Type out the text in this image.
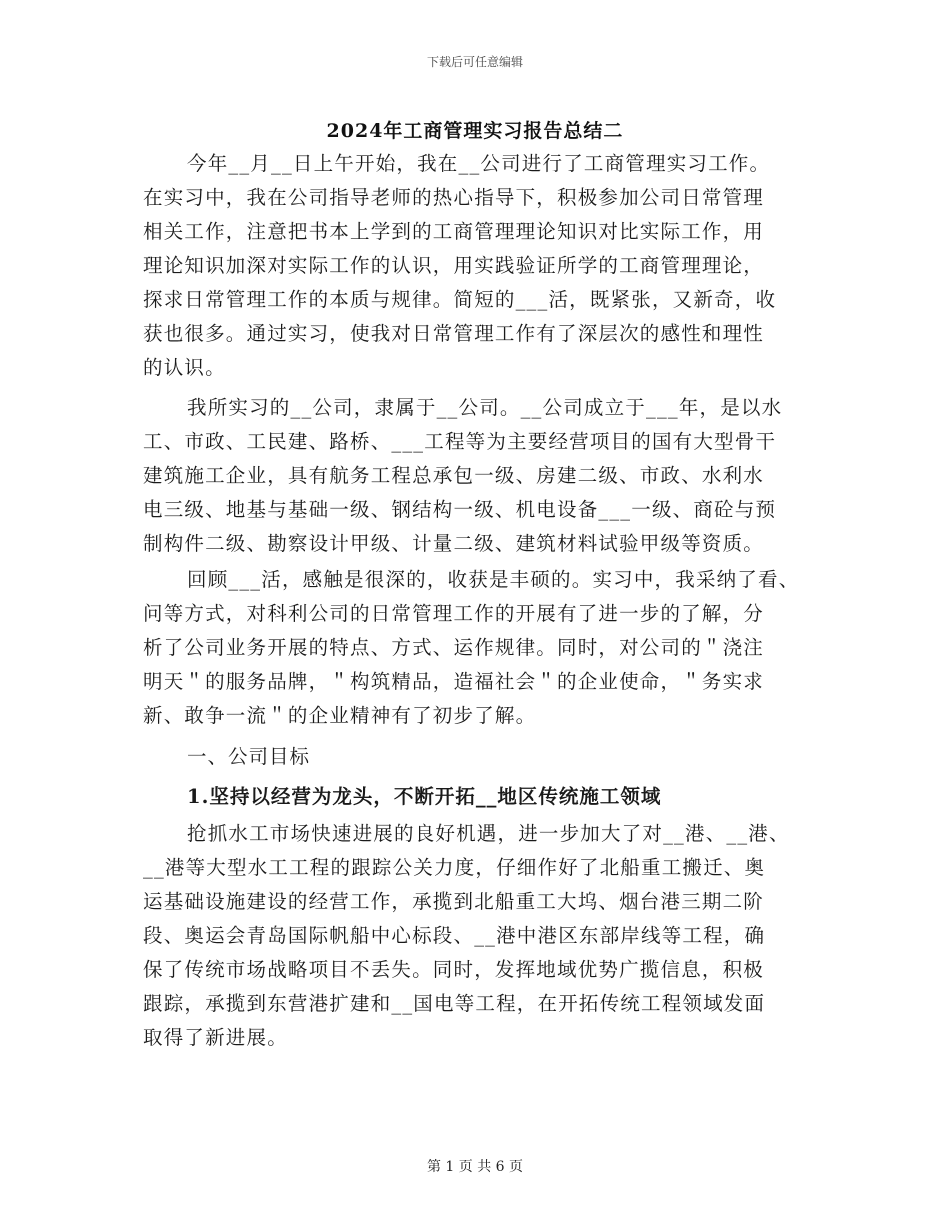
下载后可任意编辑
2024年工商管理实习报告总结二
今年__月__日上午开始，我在__公司进行了工商管理实习工作。
在实习中，我在公司指导老师的热心指导下，积极参加公司日常管理
相关工作，注意把书本上学到的工商管理理论知识对比实际工作，用
理论知识加深对实际工作的认识，用实践验证所学的工商管理理论，
探求日常管理工作的本质与规律。简短的___活，既紧张，又新奇，收
获也很多。通过实习，使我对日常管理工作有了深层次的感性和理性
的认识。
我所实习的__公司，隶属于__公司。__公司成立于___年，是以水
工、市政、工民建、路桥、___工程等为主要经营项目的国有大型骨干
建筑施工企业，具有航务工程总承包一级、房建二级、市政、水利水
电三级、地基与基础一级、钢结构一级、机电设备___一级、商砼与预
制构件二级、勘察设计甲级、计量二级、建筑材料试验甲级等资质。
回顾___活，感触是很深的，收获是丰硕的。实习中，我采纳了看、
问等方式，对科利公司的日常管理工作的开展有了进一步的了解，分
析了公司业务开展的特点、方式、运作规律。同时，对公司的＂浇注
明天＂的服务品牌，＂构筑精品，造福社会＂的企业使命，＂务实求
新、敢争一流＂的企业精神有了初步了解。
一、公司目标
1.坚持以经营为龙头，不断开拓__地区传统施工领域
抢抓水工市场快速进展的良好机遇，进一步加大了对__港、__港、
__港等大型水工工程的跟踪公关力度，仔细作好了北船重工搬迁、奥
运基础设施建设的经营工作，承揽到北船重工大坞、烟台港三期二阶
段、奥运会青岛国际帆船中心标段、__港中港区东部岸线等工程，确
保了传统市场战略项目不丢失。同时，发挥地域优势广揽信息，积极
跟踪，承揽到东营港扩建和__国电等工程，在开拓传统工程领域发面
取得了新进展。
第 1 页 共 6 页
